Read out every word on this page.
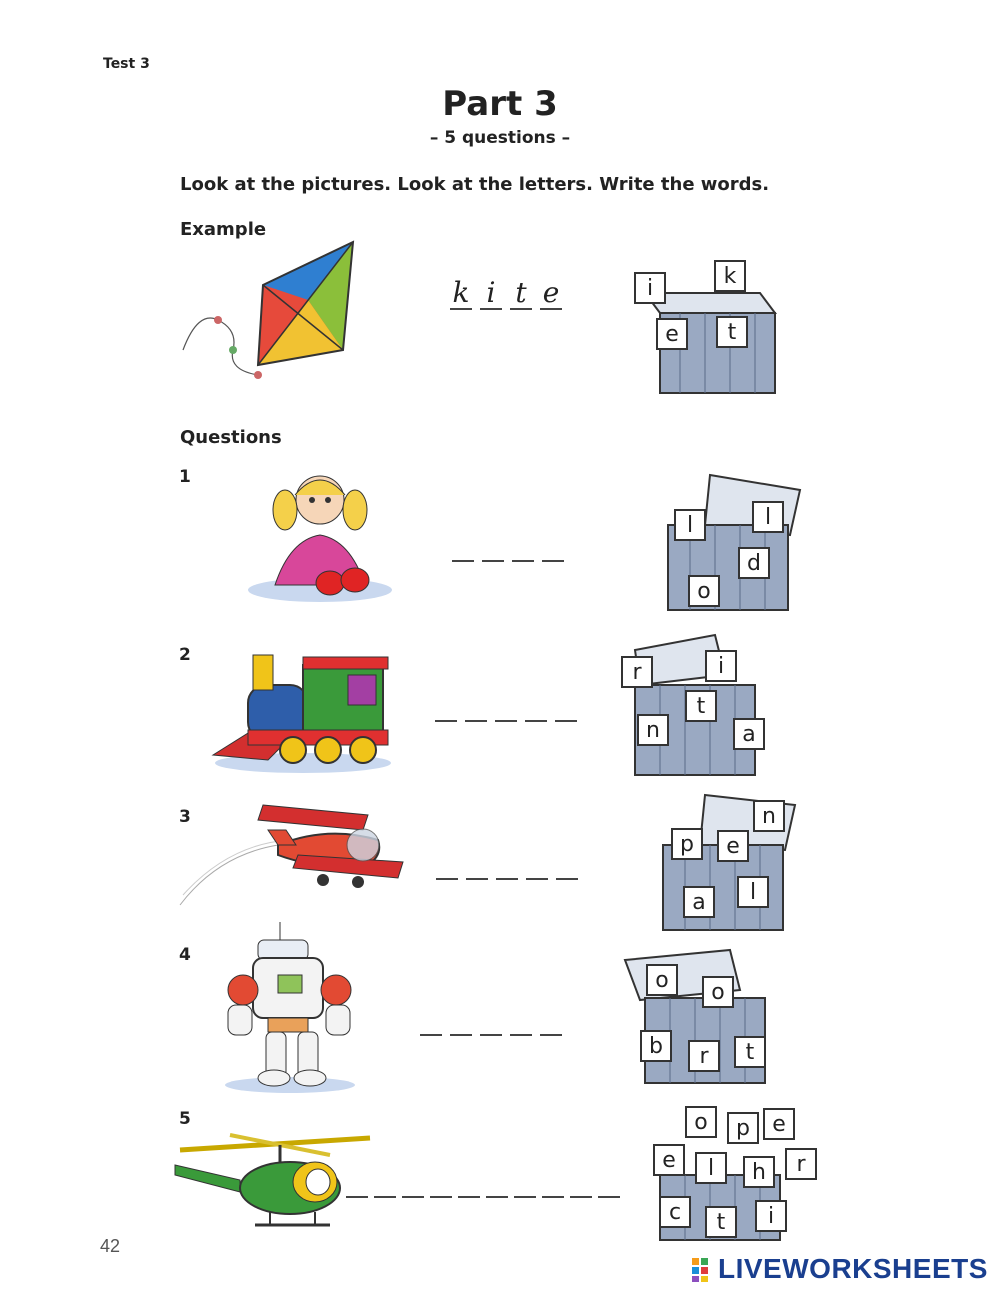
Test 3
Part 3
– 5 questions –
Look at the pictures. Look at the letters. Write the words.
Example
k i t e	i	k
e	t
Questions
1
l	l
d
o
2
r	i
t
n	a
3	n
p	e
l
a
4
o	o
b	r	t
5	o	p	e
e	l	h	r
c	t	i
42
LIVEWORKSHEETS
